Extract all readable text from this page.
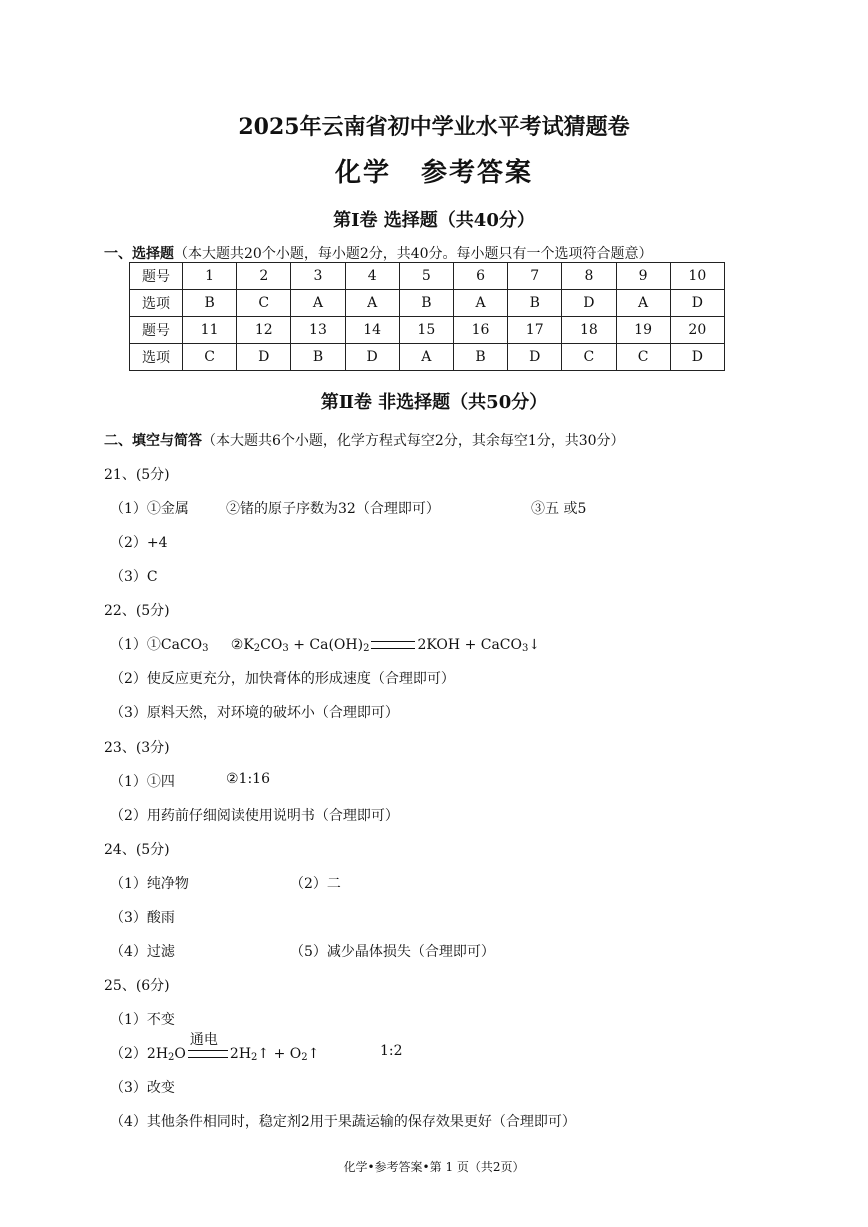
2025年云南省初中学业水平考试猜题卷
化学 参考答案
第Ⅰ卷 选择题（共40分）
一、选择题（本大题共20个小题，每小题2分，共40分。每小题只有一个选项符合题意）
题号	1	2	3	4	5	6	7	8	9	10
选项	B	C	A	A	B	A	B	D	A	D
题号	11	12	13	14	15	16	17	18	19	20
选项	C	D	B	D	A	B	D	C	C	D
第Ⅱ卷 非选择题（共50分）
二、填空与简答（本大题共6个小题，化学方程式每空2分，其余每空1分，共30分）
21、(5分)
（1）①金属	②锗的原子序数为32（合理即可）	③五 或5
（2）+4
（3）C
22、(5分)
（1）①CaCO$_3$     $②K_2CO_3 + Ca(OH)_2$	2KOH + CaCO$_3$↓
（2）使反应更充分，加快膏体的形成速度（合理即可）
（3）原料天然，对环境的破坏小（合理即可）
23、(3分)
（1）①四	②1:16
（2）用药前仔细阅读使用说明书（合理即可）
24、(5分)
（1）纯净物	（2）二
（3）酸雨
（4）过滤	（5）减少晶体损失（合理即可）
25、(6分)
（1）不变
$(2)2H_2O$
通电
$2H_2↑$ + $O_2↑$	1:2
（3）改变
（4）其他条件相同时，稳定剂2用于果蔬运输的保存效果更好（合理即可）
化学•参考答案•第 1 页（共2页）
